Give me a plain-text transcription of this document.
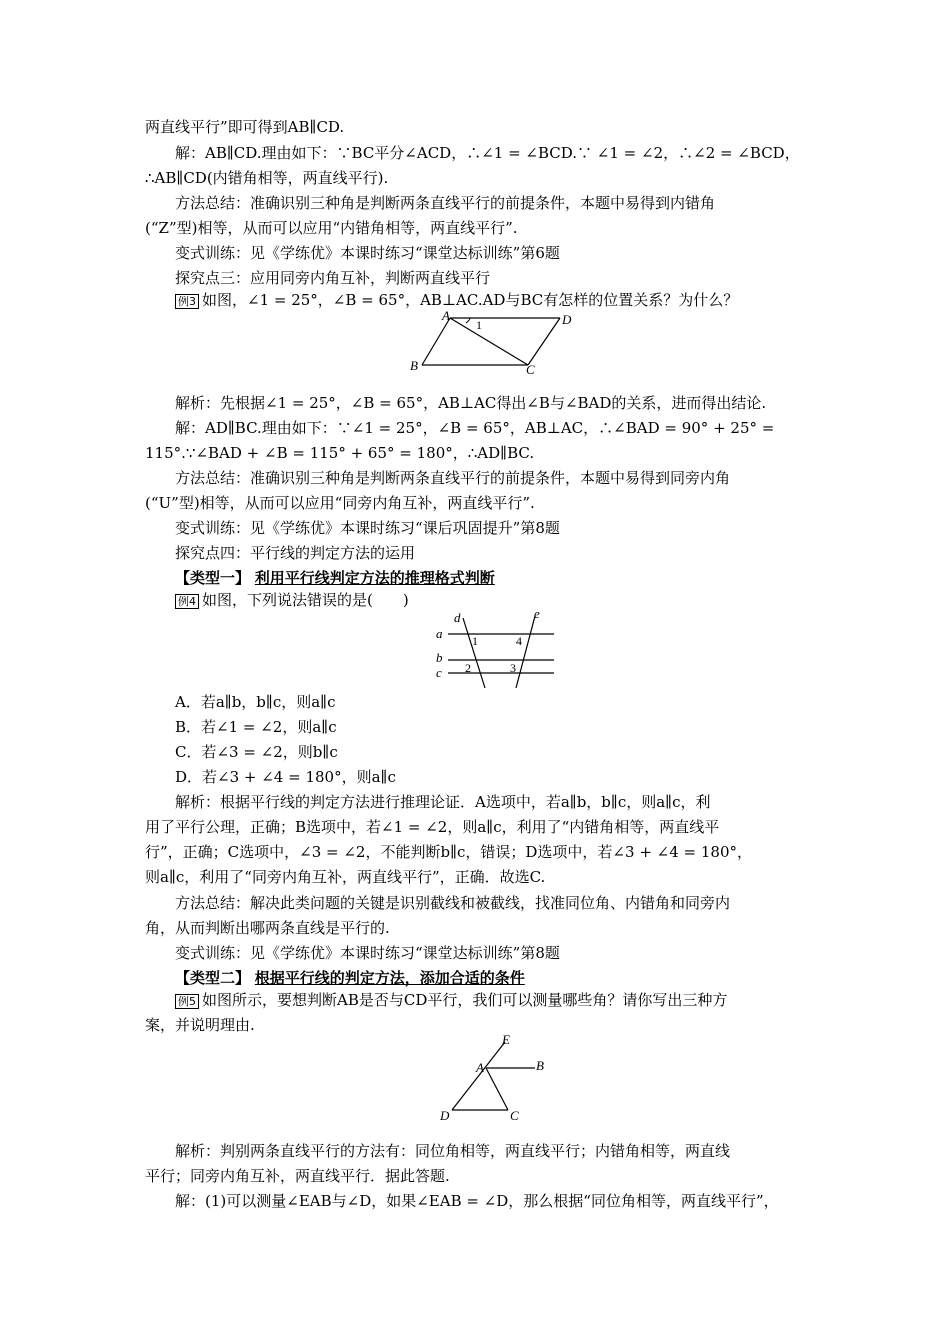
两直线平行”即可得到AB∥CD.
解：AB∥CD.理由如下：∵BC平分∠ACD，∴∠1 = ∠BCD.∵ ∠1 = ∠2，∴∠2 = ∠BCD，
∴AB∥CD(内错角相等，两直线平行).
方法总结：准确识别三种角是判断两条直线平行的前提条件，本题中易得到内错角
(“Z”型)相等，从而可以应用“内错角相等，两直线平行”.
变式训练：见《学练优》本课时练习“课堂达标训练”第6题
探究点三：应用同旁内角互补，判断两直线平行
例3 如图，∠1 = 25°，∠B = 65°，AB⊥AC.AD与BC有怎样的位置关系？为什么？
A	D
B	C
1
解析：先根据∠1 = 25°，∠B = 65°，AB⊥AC得出∠B与∠BAD的关系，进而得出结论.
解：AD∥BC.理由如下：∵∠1 = 25°，∠B = 65°，AB⊥AC，∴∠BAD = 90° + 25° =
115°.∵∠BAD + ∠B = 115° + 65° = 180°，∴AD∥BC.
方法总结：准确识别三种角是判断两条直线平行的前提条件，本题中易得到同旁内角
(“U”型)相等，从而可以应用“同旁内角互补，两直线平行”.
变式训练：见《学练优》本课时练习“课后巩固提升”第8题
探究点四：平行线的判定方法的运用
【类型一】 利用平行线判定方法的推理格式判断
例4 如图，下列说法错误的是(　　)
d	e
a
b
c
1	4
2	3
A．若a∥b，b∥c，则a∥c
B．若∠1 = ∠2，则a∥c
C．若∠3 = ∠2，则b∥c
D．若∠3 + ∠4 = 180°，则a∥c
解析：根据平行线的判定方法进行推理论证．A选项中，若a∥b，b∥c，则a∥c，利
用了平行公理，正确；B选项中，若∠1 = ∠2，则a∥c，利用了“内错角相等，两直线平
行”，正确；C选项中，∠3 = ∠2，不能判断b∥c，错误；D选项中，若∠3 + ∠4 = 180°，
则a∥c，利用了“同旁内角互补，两直线平行”，正确．故选C.
方法总结：解决此类问题的关键是识别截线和被截线，找准同位角、内错角和同旁内
角，从而判断出哪两条直线是平行的.
变式训练：见《学练优》本课时练习“课堂达标训练”第8题
【类型二】 根据平行线的判定方法，添加合适的条件
例5 如图所示，要想判断AB是否与CD平行，我们可以测量哪些角？请你写出三种方
案，并说明理由.
E
A	B
D	C
解析：判别两条直线平行的方法有：同位角相等，两直线平行；内错角相等，两直线
平行；同旁内角互补，两直线平行．据此答题.
解：(1)可以测量∠EAB与∠D，如果∠EAB = ∠D，那么根据“同位角相等，两直线平行”，
